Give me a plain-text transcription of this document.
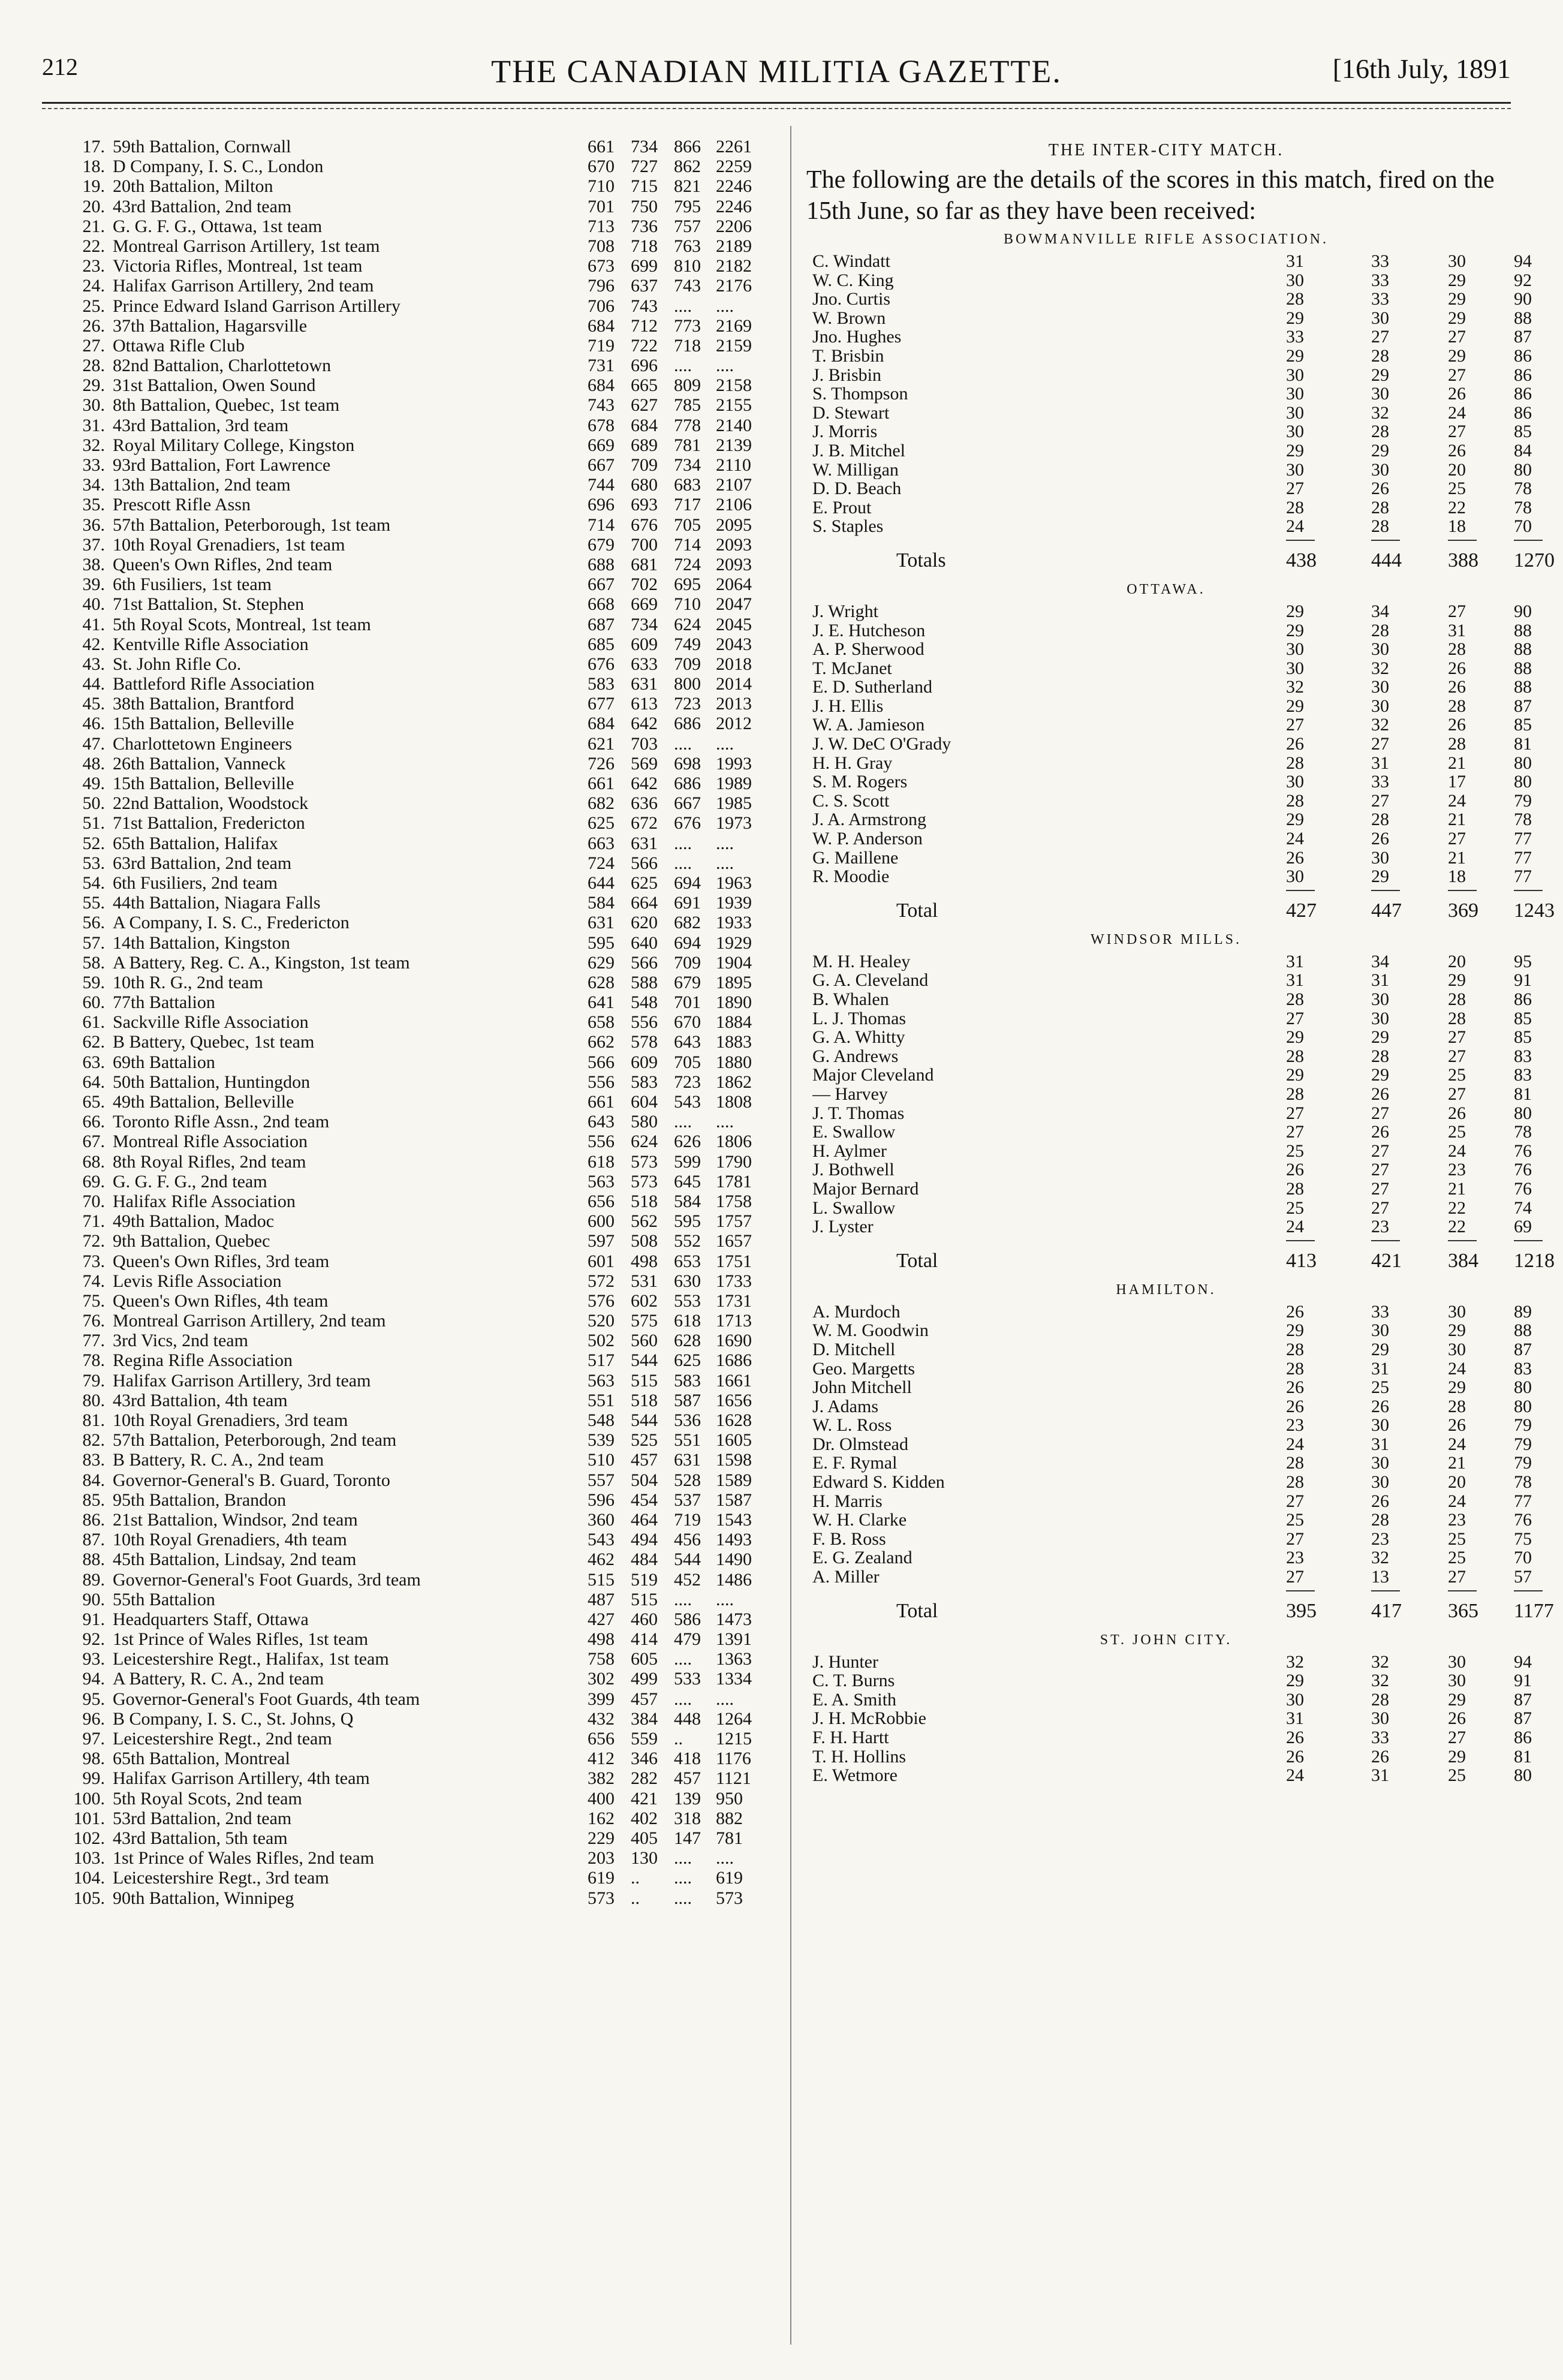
THE CANADIAN MILITIA GAZETTE.
212	[16th July, 1891
17. 59th Battalion, Cornwall	661 734 866 2261
18. D Company, I. S. C., London	670 727 862 2259
19. 20th Battalion, Milton	710 715 821 2246
20. 43rd Battalion, 2nd team	701 750 795 2246
21. G. G. F. G., Ottawa, 1st team	713 736 757 2206
22. Montreal Garrison Artillery, 1st team	708 718 763 2189
23. Victoria Rifles, Montreal, 1st team	673 699 810 2182
24. Halifax Garrison Artillery, 2nd team	796 637 743 2176
25. Prince Edward Island Garrison Artillery	706 743 ....	....
26. 37th Battalion, Hagarsville	684 712 773 2169
27. Ottawa Rifle Club	719 722 718 2159
28. 82nd Battalion, Charlottetown	731 696 ....	....
29. 31st Battalion, Owen Sound	684 665 809 2158
30. 8th Battalion, Quebec, 1st team	743 627 785 2155
31. 43rd Battalion, 3rd team	678 684 778 2140
32. Royal Military College, Kingston	669 689 781 2139
33. 93rd Battalion, Fort Lawrence	667 709 734 2110
34. 13th Battalion, 2nd team	744 680 683 2107
35. Prescott Rifle Assn	696 693 717 2106
36. 57th Battalion, Peterborough, 1st team	714 676 705 2095
37. 10th Royal Grenadiers, 1st team	679 700 714 2093
38. Queen's Own Rifles, 2nd team	688 681 724 2093
39. 6th Fusiliers, 1st team	667 702 695 2064
40. 71st Battalion, St. Stephen	668 669 710 2047
41. 5th Royal Scots, Montreal, 1st team	687 734 624 2045
42. Kentville Rifle Association	685 609 749 2043
43. St. John Rifle Co.	676 633 709 2018
44. Battleford Rifle Association	583 631 800 2014
45. 38th Battalion, Brantford	677 613 723 2013
46. 15th Battalion, Belleville	684 642 686 2012
47. Charlottetown Engineers	621 703 ....	....
48. 26th Battalion, Vanneck	726 569 698 1993
49. 15th Battalion, Belleville	661 642 686 1989
50. 22nd Battalion, Woodstock	682 636 667 1985
51. 71st Battalion, Fredericton	625 672 676 1973
52. 65th Battalion, Halifax	663 631 ....	....
53. 63rd Battalion, 2nd team	724 566 ....	....
54. 6th Fusiliers, 2nd team	644 625 694 1963
55. 44th Battalion, Niagara Falls	584 664 691 1939
56. A Company, I. S. C., Fredericton	631 620 682 1933
57. 14th Battalion, Kingston	595 640 694 1929
58. A Battery, Reg. C. A., Kingston, 1st team	629 566 709 1904
59. 10th R. G., 2nd team	628 588 679 1895
60. 77th Battalion	641 548 701 1890
61. Sackville Rifle Association	658 556 670 1884
62. B Battery, Quebec, 1st team	662 578 643 1883
63. 69th Battalion	566 609 705 1880
64. 50th Battalion, Huntingdon	556 583 723 1862
65. 49th Battalion, Belleville	661 604 543 1808
66. Toronto Rifle Assn., 2nd team	643 580 ....	....
67. Montreal Rifle Association	556 624 626 1806
68. 8th Royal Rifles, 2nd team	618 573 599 1790
69. G. G. F. G., 2nd team	563 573 645 1781
70. Halifax Rifle Association	656 518 584 1758
71. 49th Battalion, Madoc	600 562 595 1757
72. 9th Battalion, Quebec	597 508 552 1657
73. Queen's Own Rifles, 3rd team	601 498 653 1751
74. Levis Rifle Association	572 531 630 1733
75. Queen's Own Rifles, 4th team	576 602 553 1731
76. Montreal Garrison Artillery, 2nd team	520 575 618 1713
77. 3rd Vics, 2nd team	502 560 628 1690
78. Regina Rifle Association	517 544 625 1686
79. Halifax Garrison Artillery, 3rd team	563 515 583 1661
80. 43rd Battalion, 4th team	551 518 587 1656
81. 10th Royal Grenadiers, 3rd team	548 544 536 1628
82. 57th Battalion, Peterborough, 2nd team	539 525 551 1605
83. B Battery, R. C. A., 2nd team	510 457 631 1598
84. Governor-General's B. Guard, Toronto	557 504 528 1589
85. 95th Battalion, Brandon	596 454 537 1587
86. 21st Battalion, Windsor, 2nd team	360 464 719 1543
87. 10th Royal Grenadiers, 4th team	543 494 456 1493
88. 45th Battalion, Lindsay, 2nd team	462 484 544 1490
89. Governor-General's Foot Guards, 3rd team	515 519 452 1486
90. 55th Battalion	487 515 ....	....
91. Headquarters Staff, Ottawa	427 460 586 1473
92. 1st Prince of Wales Rifles, 1st team	498 414 479 1391
93. Leicestershire Regt., Halifax, 1st team	758 605 ....	1363
94. A Battery, R. C. A., 2nd team	302 499 533 1334
95. Governor-General's Foot Guards, 4th team	399 457 ....	....
96. B Company, I. S. C., St. Johns, Q	432 384 448 1264
97. Leicestershire Regt., 2nd team	656 559 ..	1215
98. 65th Battalion, Montreal	412 346 418 1176
99. Halifax Garrison Artillery, 4th team	382 282 457 1121
100. 5th Royal Scots, 2nd team	400 421 139 950
101. 53rd Battalion, 2nd team	162 402 318 882
102. 43rd Battalion, 5th team	229 405 147 781
103. 1st Prince of Wales Rifles, 2nd team	203 130 ....	....
104. Leicestershire Regt., 3rd team	619 ..	....	619
105. 90th Battalion, Winnipeg	573 ..	....	573
THE INTER-CITY MATCH.
The following are the details of the scores in this match, fired on the 15th June, so far as they have been received:
BOWMANVILLE RIFLE ASSOCIATION.
C. Windatt	31	33	30	94
W. C. King	30	33	29	92
Jno. Curtis	28	33	29	90
W. Brown	29	30	29	88
Jno. Hughes	33	27	27	87
T. Brisbin	29	28	29	86
J. Brisbin	30	29	27	86
S. Thompson	30	30	26	86
D. Stewart	30	32	24	86
J. Morris	30	28	27	85
J. B. Mitchel	29	29	26	84
W. Milligan	30	30	20	80
D. D. Beach	27	26	25	78
E. Prout	28	28	22	78
S. Staples	24	28	18	70
Totals	438	444 388 1270
OTTAWA.
J. Wright	29	34	27	90
J. E. Hutcheson	29	28	31	88
A. P. Sherwood	30	30	28	88
T. McJanet	30	32	26	88
E. D. Sutherland	32	30	26	88
J. H. Ellis	29	30	28	87
W. A. Jamieson	27	32	26	85
J. W. DeC O'Grady	26	27	28	81
H. H. Gray	28	31	21	80
S. M. Rogers	30	33	17	80
C. S. Scott	28	27	24	79
J. A. Armstrong	29	28	21	78
W. P. Anderson	24	26	27	77
G. Maillene	26	30	21	77
R. Moodie	30	29	18	77
Total	427	447 369 1243
WINDSOR MILLS.
M. H. Healey	31	34	20	95
G. A. Cleveland	31	31	29	91
B. Whalen	28	30	28	86
L. J. Thomas	27	30	28	85
G. A. Whitty	29	29	27	85
G. Andrews	28	28	27	83
Major Cleveland	29	29	25	83
— Harvey	28	26	27	81
J. T. Thomas	27	27	26	80
E. Swallow	27	26	25	78
H. Aylmer	25	27	24	76
J. Bothwell	26	27	23	76
Major Bernard	28	27	21	76
L. Swallow	25	27	22	74
J. Lyster	24	23	22	69
Total	413	421 384 1218
HAMILTON.
A. Murdoch	26	33	30	89
W. M. Goodwin	29	30	29	88
D. Mitchell	28	29	30	87
Geo. Margetts	28	31	24	83
John Mitchell	26	25	29	80
J. Adams	26	26	28	80
W. L. Ross	23	30	26	79
Dr. Olmstead	24	31	24	79
E. F. Rymal	28	30	21	79
Edward S. Kidden	28	30	20	78
H. Marris	27	26	24	77
W. H. Clarke	25	28	23	76
F. B. Ross	27	23	25	75
E. G. Zealand	23	32	25	70
A. Miller	27	13	27	57
Total	395	417 365 1177
ST. JOHN CITY.
J. Hunter	32	32	30	94
C. T. Burns	29	32	30	91
E. A. Smith	30	28	29	87
J. H. McRobbie	31	30	26	87
F. H. Hartt	26	33	27	86
T. H. Hollins	26	26	29	81
E. Wetmore	24	31	25	80
